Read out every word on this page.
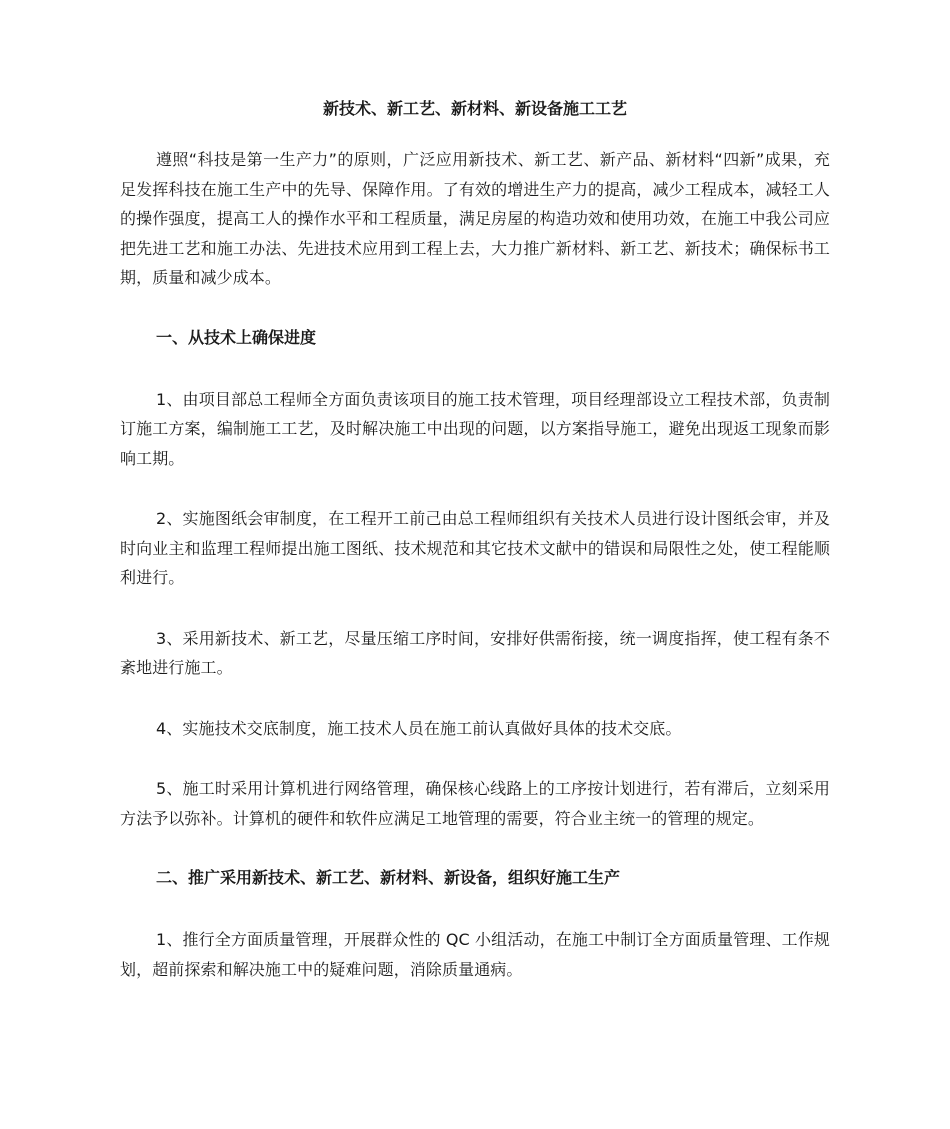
新技术、新工艺、新材料、新设备施工工艺

遵照“科技是第一生产力”的原则，广泛应用新技术、新工艺、新产品、新材料“四新”成果，充足发挥科技在施工生产中的先导、保障作用。了有效的增进生产力的提高，减少工程成本，减轻工人的操作强度，提高工人的操作水平和工程质量，满足房屋的构造功效和使用功效，在施工中我公司应把先进工艺和施工办法、先进技术应用到工程上去，大力推广新材料、新工艺、新技术；确保标书工期，质量和减少成本。

一、从技术上确保进度

1、由项目部总工程师全方面负责该项目的施工技术管理，项目经理部设立工程技术部，负责制订施工方案，编制施工工艺，及时解决施工中出现的问题，以方案指导施工，避免出现返工现象而影响工期。

2、实施图纸会审制度，在工程开工前己由总工程师组织有关技术人员进行设计图纸会审，并及时向业主和监理工程师提出施工图纸、技术规范和其它技术文献中的错误和局限性之处，使工程能顺利进行。

3、采用新技术、新工艺，尽量压缩工序时间，安排好供需衔接，统一调度指挥，使工程有条不紊地进行施工。

4、实施技术交底制度，施工技术人员在施工前认真做好具体的技术交底。

5、施工时采用计算机进行网络管理，确保核心线路上的工序按计划进行，若有滞后，立刻采用方法予以弥补。计算机的硬件和软件应满足工地管理的需要，符合业主统一的管理的规定。

二、推广采用新技术、新工艺、新材料、新设备，组织好施工生产

1、推行全方面质量管理，开展群众性的 QC 小组活动，在施工中制订全方面质量管理、工作规划，超前探索和解决施工中的疑难问题，消除质量通病。
